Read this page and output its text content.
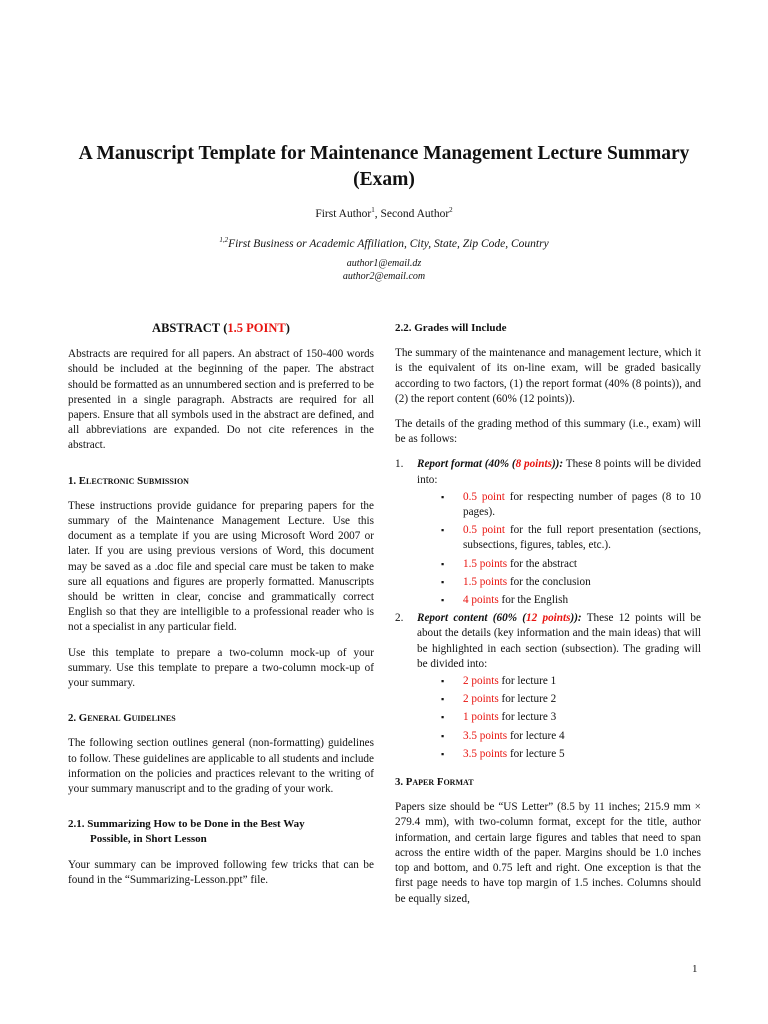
A Manuscript Template for Maintenance Management Lecture Summary (Exam)
First Author$^1$, Second Author$^2$
$^{1,2}$First Business or Academic Affiliation, City, State, Zip Code, Country
author1@email.dz
author2@email.com
ABSTRACT (1.5 POINT)

Abstracts are required for all papers. An abstract of 150-400 words should be included at the beginning of the paper. The abstract should be formatted as an unnumbered section and is preferred to be presented in a single paragraph. Abstracts are required for all papers. Ensure that all symbols used in the abstract are defined, and all abbreviations are expanded. Do not cite references in the abstract.

1. Electronic Submission

These instructions provide guidance for preparing papers for the summary of the Maintenance Management Lecture. Use this document as a template if you are using Microsoft Word 2007 or later. If you are using previous versions of Word, this document may be saved as a .doc file and special care must be taken to make sure all equations and figures are properly formatted. Manuscripts should be written in clear, concise and grammatically correct English so that they are intelligible to a professional reader who is not a specialist in any particular field.

Use this template to prepare a two-column mock-up of your summary. Use this template to prepare a two-column mock-up of your summary.

2. General Guidelines

The following section outlines general (non-formatting) guidelines to follow. These guidelines are applicable to all students and include information on the policies and practices relevant to the writing of your summary manuscript and to the grading of your work.

2.1. Summarizing How to be Done in the Best Way
Possible, in Short Lesson

Your summary can be improved following few tricks that can be found in the “Summarizing-Lesson.ppt” file.

2.2. Grades will Include

The summary of the maintenance and management lecture, which it is the equivalent of its on-line exam, will be graded basically according to two factors, (1) the report format (40% (8 points)), and (2) the report content (60% (12 points)).

The details of the grading method of this summary (i.e., exam) will be as follows:

1. Report format (40% (8 points)): These 8 points will be divided into:
▪ 0.5 point for respecting number of pages (8 to 10 pages).
▪ 0.5 point for the full report presentation (sections, subsections, figures, tables, etc.).
▪ 1.5 points for the abstract
▪ 1.5 points for the conclusion
▪ 4 points for the English
2. Report content (60% (12 points)): These 12 points will be about the details (key information and the main ideas) that will be highlighted in each section (subsection). The grading will be divided into:
▪ 2 points for lecture 1
▪ 2 points for lecture 2
▪ 1 points for lecture 3
▪ 3.5 points for lecture 4
▪ 3.5 points for lecture 5
3. Paper Format

Papers size should be “US Letter” (8.5 by 11 inches; 215.9 mm × 279.4 mm), with two-column format, except for the title, author information, and certain large figures and tables that need to span across the entire width of the paper. Margins should be 1.0 inches top and bottom, and 0.75 left and right. One exception is that the first page needs to have top margin of 1.5 inches. Columns should be equally sized,

1
